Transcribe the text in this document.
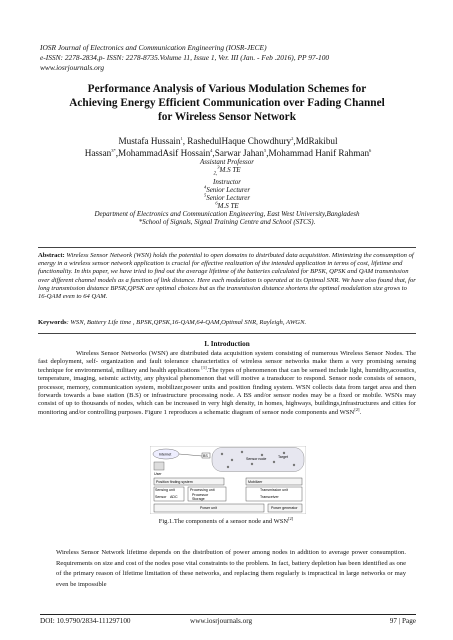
IOSR Journal of Electronics and Communication Engineering (IOSR-JECE)
e-ISSN: 2278-2834,p- ISSN: 2278-8735.Volume 11, Issue 1, Ver. III (Jan. - Feb .2016), PP 97-100
www.iosrjournals.org
Performance Analysis of Various Modulation Schemes for
Achieving Energy Efficient Communication over Fading Channel
for Wireless Sensor Network
Mustafa Hussain$^1$, RashedulHaque Chowdhury$^2$,MdRakibul
Hassan$^{3*}$,MohammadAsif Hossain$^4$,Sarwar Jahan$^5$,Mohammad Hanif Rahman$^6$
Assistant Professor
$_{2,}^3$M.S TE
Instructor
$^4$Senior Lecturer
$^5$Senior Lecturer
$^6$M.S TE
Department of Electronics and Communication Engineering, East West University,Bangladesh
*School of Signals, Signal Training Centre and School (STCS).
Abstract: Wireless Sensor Network (WSN) holds the potential to open domains to distributed data acquisition. Minimizing the consumption of energy in a wireless sensor network application is crucial for effective realization of the intended application in terms of cost, lifetime and functionality. In this paper, we have tried to find out the average lifetime of the batteries calculated for BPSK, QPSK and QAM transmission over different channel models as a function of link distance. Here each modulation is operated at its Optimal SNR. We have also found that, for long transmission distance BPSK,QPSK are optimal choices but as the transmission distance shortens the optimal modulation size grows to 16-QAM even to 64 QAM.
Keywords: WSN, Battery Life time , BPSK,QPSK,16-QAM,64-QAM,Optimal SNR, Rayleigh, AWGN.
I. Introduction
Wireless Sensor Networks (WSN) are distributed data acquisition system consisting of numerous Wireless Sensor Nodes. The fast deployment, self- organization and fault tolerance characteristics of wireless sensor networks make them a very promising sensing technique for environmental, military and health applications [1].The types of phenomenon that can be sensed include light, humidity,acoustics, temperature, imaging, seismic activity, any physical phenomenon that will motive a transducer to respond. Sensor node consists of sensors, processor, memory, communication system, mobilizer,power units and position finding system. WSN collects data from target area and then forwards towards a base station (B.S) or infrastructure processing node. A BS and/or sensor nodes may be a fixed or mobile. WSNs may consist of up to thousands of nodes, which can be increased in very high density, in homes, highways, buildings,infrastructures and cities for monitoring and/or controlling purposes. Figure 1 reproduces a schematic diagram of sensor node components and WSN[2].
Internet
User
BS
Sensor node	Target
Position finding system	Mobilizer
Sensing unit
Sensor ADC
Processing unit
Processor
Storage
Transmission unit
Transceiver
Power unit	Power generator
Fig.1.The components of a sensor node and WSN[2]
Wireless Sensor Network lifetime depends on the distribution of power among nodes in addition to average power consumption. Requirements on size and cost of the nodes pose vital constraints to the problem. In fact, battery depletion has been identified as one of the primary reason of lifetime limitation of these networks, and replacing them regularly is impractical in large networks or may even be impossible
DOI: 10.9790/2834-111297100	www.iosrjournals.org	97 | Page
